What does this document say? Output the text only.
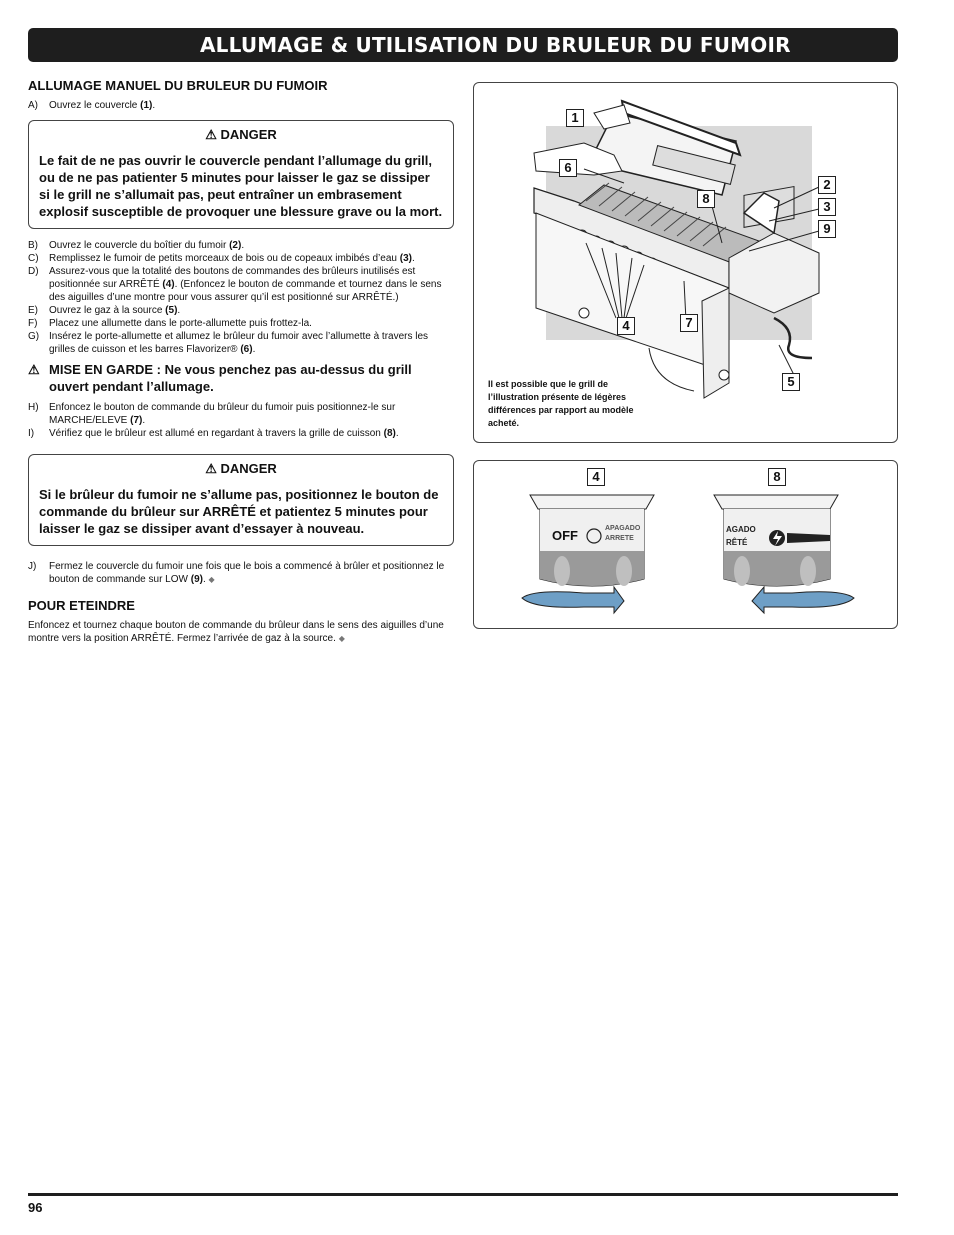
ALLUMAGE & UTILISATION DU BRULEUR DU FUMOIR
ALLUMAGE MANUEL DU BRULEUR DU FUMOIR

A)	Ouvrez le couvercle (1).

⚠ DANGER
Le fait de ne pas ouvrir le couvercle pendant l’allumage du grill, ou de ne pas patienter 5 minutes pour laisser le gaz se dissiper si le grill ne s’allumait pas, peut entraîner un embrasement explosif susceptible de provoquer une blessure grave ou la mort.

B)	Ouvrez le couvercle du boîtier du fumoir (2).

C)	Remplissez le fumoir de petits morceaux de bois ou de copeaux imbibés d’eau (3).

D)	Assurez-vous que la totalité des boutons de commandes des brûleurs inutilisés est positionnée sur ARRÊTÉ (4). (Enfoncez le bouton de commande et tournez dans le sens des aiguilles d’une montre pour vous assurer qu’il est positionné sur ARRÊTÉ.)

E)	Ouvrez le gaz à la source (5).

F)	Placez une allumette dans le porte-allumette puis frottez-la.

G) Insérez le porte-allumette et allumez le brûleur du fumoir avec l’allumette à travers les grilles de cuisson et les barres Flavorizer® (6).

⚠ MISE EN GARDE : Ne vous penchez pas au-dessus du grill ouvert pendant l’allumage.

H)	Enfoncez le bouton de commande du brûleur du fumoir puis positionnez-le sur MARCHE/ELEVE (7).

I)	Vérifiez que le brûleur est allumé en regardant à travers la grille de cuisson (8).

⚠ DANGER
Si le brûleur du fumoir ne s’allume pas, positionnez le bouton de commande du brûleur sur ARRÊTÉ et patientez 5 minutes pour laisser le gaz se dissiper avant d’essayer à nouveau.

J)	Fermez le couvercle du fumoir une fois que le bois a commencé à brûler et positionnez le bouton de commande sur LOW (9). ◆

POUR ETEINDRE

Enfoncez et tournez chaque bouton de commande du brûleur dans le sens des aiguilles d’une montre vers la position ARRÊTÉ. Fermez l’arrivée de gaz à la source. ◆

1
6
8
2
3
9
4	7
5
Il est possible que le grill de l’illustration présente de légères différences par rapport au modèle acheté.
4	8
OFF	APAGADO
ARRÊTÉ
AGADO
RÊTÉ
96
